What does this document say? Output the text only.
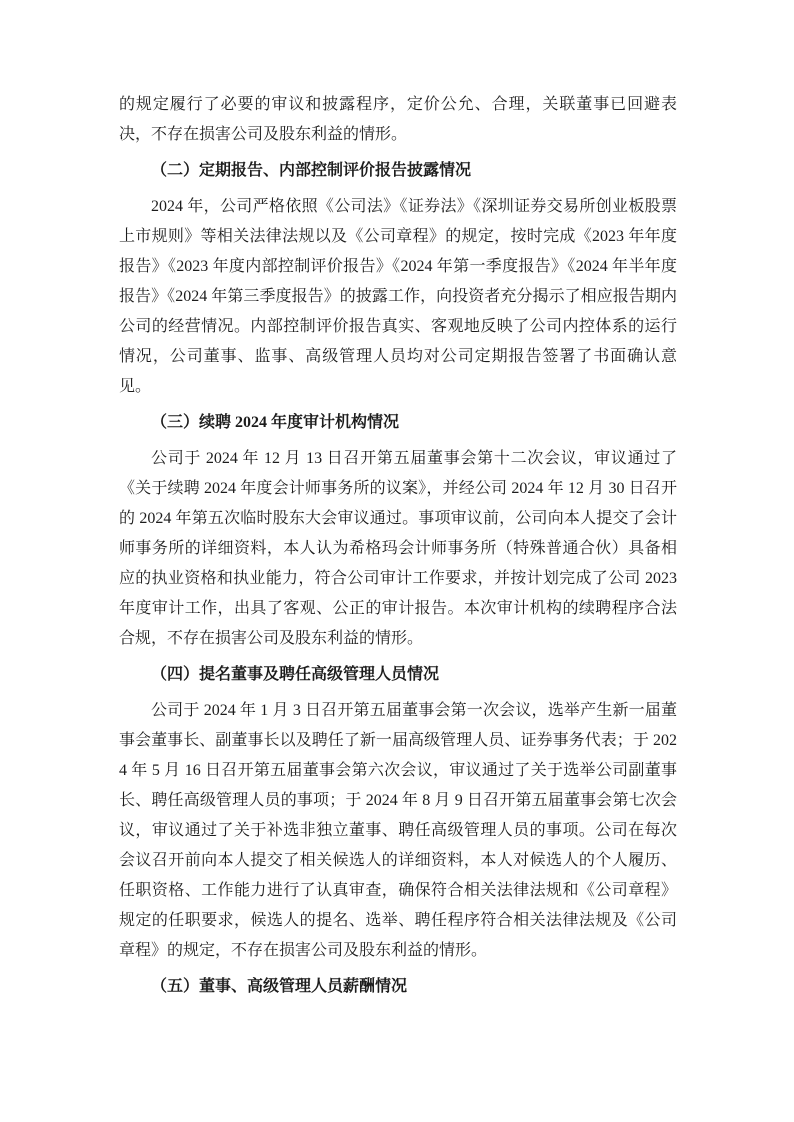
的规定履行了必要的审议和披露程序，定价公允、合理，关联董事已回避表决，不存在损害公司及股东利益的情形。

（二）定期报告、内部控制评价报告披露情况

2024 年，公司严格依照《公司法》《证券法》《深圳证券交易所创业板股票上市规则》等相关法律法规以及《公司章程》的规定，按时完成《2023 年年度报告》《2023 年度内部控制评价报告》《2024 年第一季度报告》《2024 年半年度报告》《2024 年第三季度报告》的披露工作，向投资者充分揭示了相应报告期内公司的经营情况。内部控制评价报告真实、客观地反映了公司内控体系的运行情况，公司董事、监事、高级管理人员均对公司定期报告签署了书面确认意见。

（三）续聘 2024 年度审计机构情况

公司于 2024 年 12 月 13 日召开第五届董事会第十二次会议，审议通过了《关于续聘 2024 年度会计师事务所的议案》，并经公司 2024 年 12 月 30 日召开的 2024 年第五次临时股东大会审议通过。事项审议前，公司向本人提交了会计师事务所的详细资料，本人认为希格玛会计师事务所（特殊普通合伙）具备相应的执业资格和执业能力，符合公司审计工作要求，并按计划完成了公司 2023 年度审计工作，出具了客观、公正的审计报告。本次审计机构的续聘程序合法合规，不存在损害公司及股东利益的情形。

（四）提名董事及聘任高级管理人员情况

公司于 2024 年 1 月 3 日召开第五届董事会第一次会议，选举产生新一届董事会董事长、副董事长以及聘任了新一届高级管理人员、证券事务代表；于 2024 年 5 月 16 日召开第五届董事会第六次会议，审议通过了关于选举公司副董事长、聘任高级管理人员的事项；于 2024 年 8 月 9 日召开第五届董事会第七次会议，审议通过了关于补选非独立董事、聘任高级管理人员的事项。公司在每次会议召开前向本人提交了相关候选人的详细资料，本人对候选人的个人履历、任职资格、工作能力进行了认真审查，确保符合相关法律法规和《公司章程》规定的任职要求，候选人的提名、选举、聘任程序符合相关法律法规及《公司章程》的规定，不存在损害公司及股东利益的情形。

（五）董事、高级管理人员薪酬情况
